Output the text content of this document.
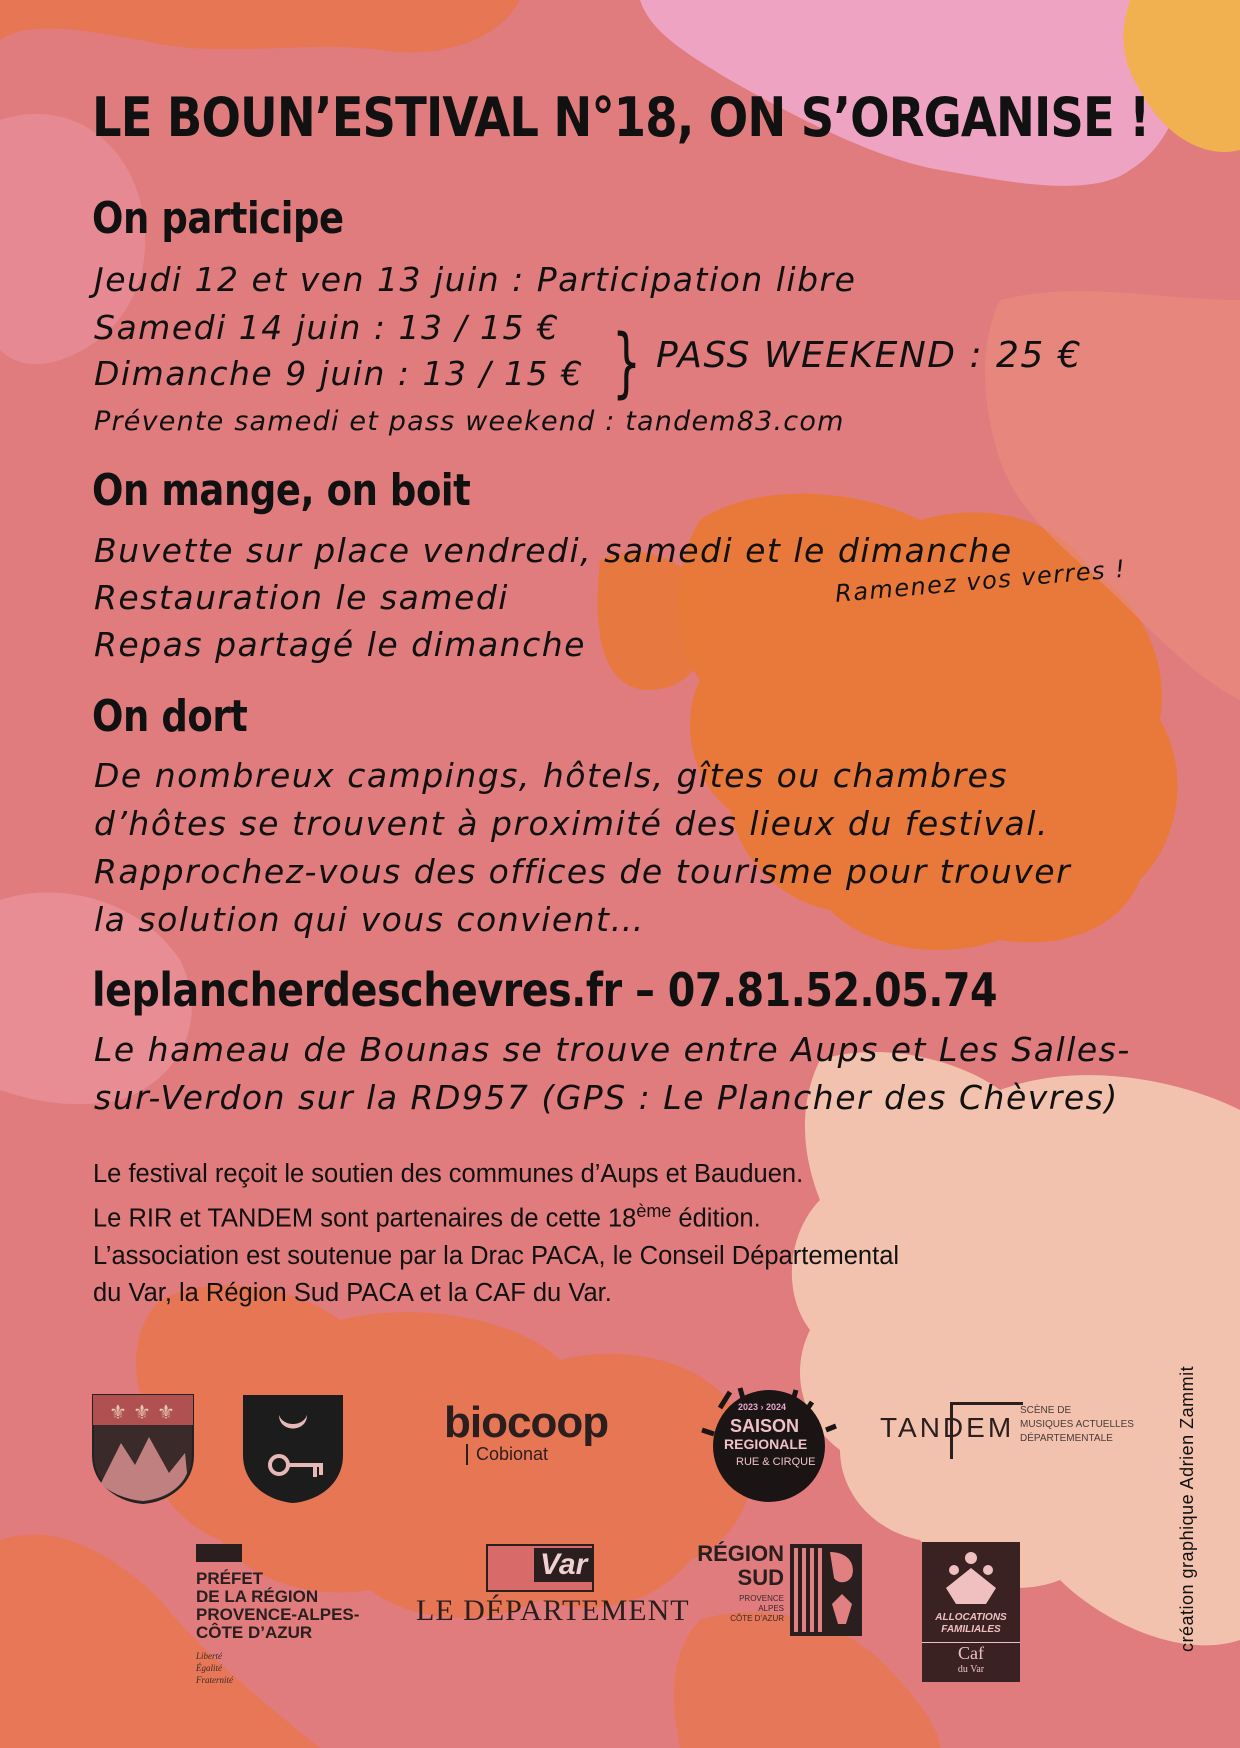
LE BOUN’ESTIVAL N°18, ON S’ORGANISE !
On participe
Jeudi 12 et ven 13 juin : Participation libre
Samedi 14 juin : 13 / 15 €
Dimanche 9 juin : 13 / 15 € } PASS WEEKEND : 25 €
Prévente samedi et pass weekend : tandem83.com
On mange, on boit
Buvette sur place vendredi, samedi et le dimanche
Restauration le samedi
Repas partagé le dimanche
Ramenez vos verres !
On dort
De nombreux campings, hôtels, gîtes ou chambres
d’hôtes se trouvent à proximité des lieux du festival.
Rapprochez-vous des offices de tourisme pour trouver
la solution qui vous convient…
leplancherdeschevres.fr – 07.81.52.05.74
Le hameau de Bounas se trouve entre Aups et Les Salles-
sur-Verdon sur la RD957 (GPS : Le Plancher des Chèvres)
Le festival reçoit le soutien des communes d’Aups et Bauduen.
Le RIR et TANDEM sont partenaires de cette 18ème édition.
L’association est soutenue par la Drac PACA, le Conseil Départemental
du Var, la Région Sud PACA et la CAF du Var.
création graphique Adrien Zammit
⚜ ⚜ ⚜	biocoop
Cobionat
2023 › 2024
SAISON
REGIONALE
RUE & CIRQUE
TANDEM
SCÈNE DE
MUSIQUES ACTUELLES
DÉPARTEMENTALE
PRÉFET
DE LA RÉGION
PROVENCE-ALPES-
CÔTE D’AZUR
Liberté
Égalité
Fraternité
Var
LE DÉPARTEMENT
RÉGION
SUD
PROVENCE
ALPES
CÔTE D’AZUR	ALLOCATIONS
FAMILIALES
Caf
du Var
